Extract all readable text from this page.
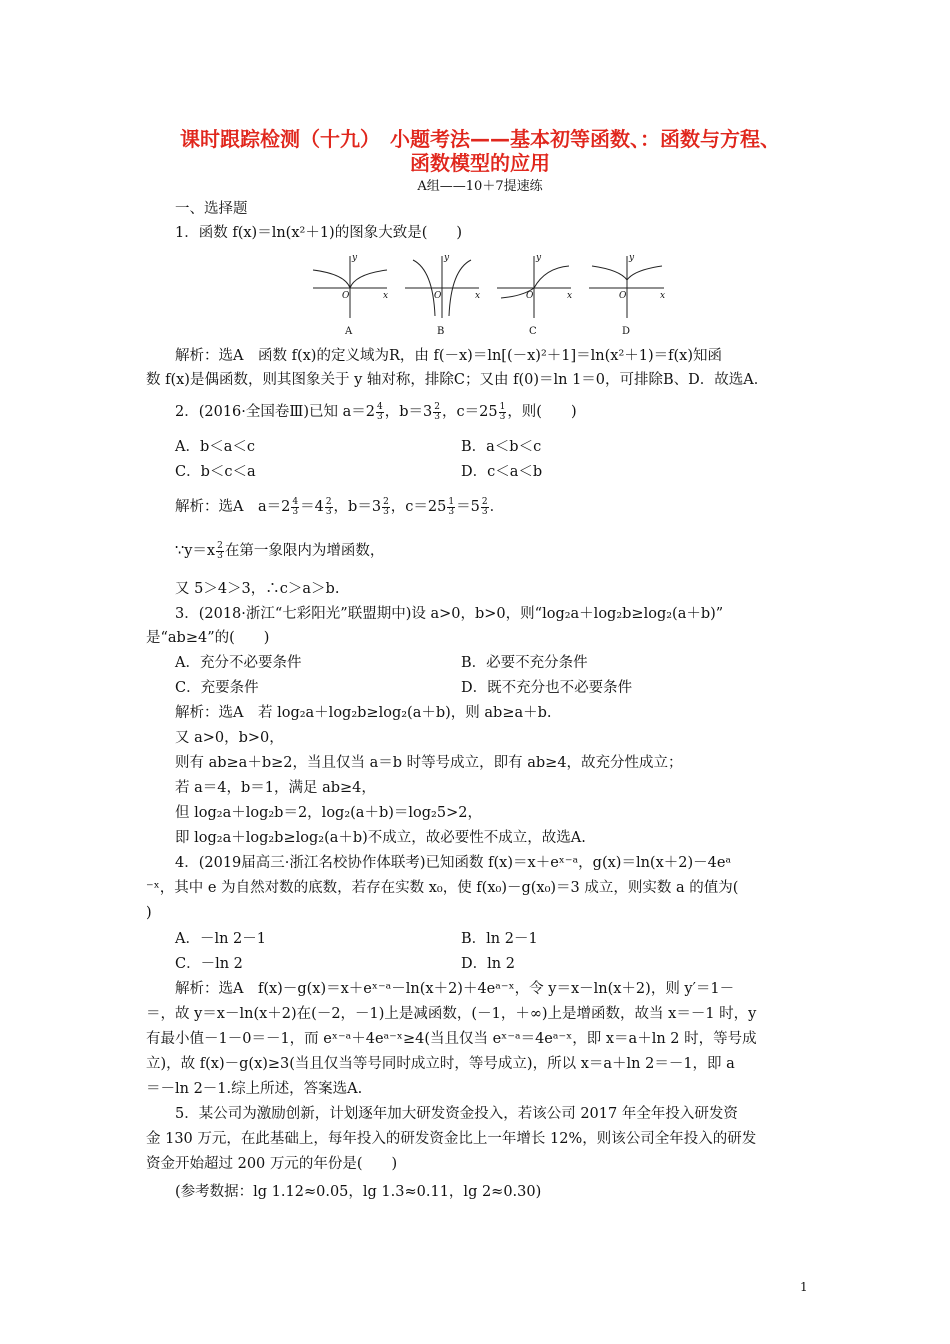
课时跟踪检测（十九）　小题考法——基本初等函数、：函数与方程、
函数模型的应用
A组——10＋7提速练
一、选择题
1．函数 f(x)＝ln(x²＋1)的图象大致是(　　)
y
x
O
y
x
O
y
x
O
A	B	C
y
x
O
D
解析：选A　函数 f(x)的定义域为R，由 f(－x)＝ln[(－x)²＋1]＝ln(x²＋1)＝f(x)知函
数 f(x)是偶函数，则其图象关于 y 轴对称，排除C；又由 f(0)＝ln 1＝0，可排除B、D．故选A．
2．(2016·全国卷Ⅲ)已知 $a=2 \frac{4}{3}$ ，$b=3 \frac{2}{3}$ ，$c=25 \frac{1}{3}$ ，则(　　)
A．b＜a＜c	B．a＜b＜c
C．b＜c＜a	D．c＜a＜b
解析：选A　$a=2 \frac{4}{3} =4 \frac{2}{3}$ ，$b=3 \frac{2}{3}$ ，$c=25 \frac{1}{3} =5 \frac{2}{3}$ ．
∵y＝x $\frac{2}{3}$ 在第一象限内为增函数，
又 5＞4＞3，∴c＞a＞b.
3．(2018·浙江“七彩阳光”联盟期中)设 a>0，b>0，则“log₂a＋log₂b≥log₂(a＋b)”
是“ab≥4”的(　　)
A．充分不必要条件	B．必要不充分条件
C．充要条件	D．既不充分也不必要条件
解析：选A　若 log₂a＋log₂b≥log₂(a＋b)，则 ab≥a＋b.
又 a>0，b>0，
则有 ab≥a＋b≥2，当且仅当 a＝b 时等号成立，即有 ab≥4，故充分性成立；
若 a＝4，b＝1，满足 ab≥4，
但 log₂a＋log₂b＝2，log₂(a＋b)＝log₂5>2，
即 log₂a＋log₂b≥log₂(a＋b)不成立，故必要性不成立，故选A.
4．(2019届高三·浙江名校协作体联考)已知函数 f(x)＝x＋eˣ⁻ᵃ，g(x)＝ln(x＋2)－4eᵃ
⁻ˣ，其中 e 为自然对数的底数，若存在实数 x₀，使 f(x₀)－g(x₀)＝3 成立，则实数 a 的值为(
)
A．－ln 2－1	B．ln 2－1
C．－ln 2	D．ln 2
解析：选A　f(x)－g(x)＝x＋eˣ⁻ᵃ－ln(x＋2)＋4eᵃ⁻ˣ，令 y＝x－ln(x＋2)，则 y′＝1－
＝，故 y＝x－ln(x＋2)在(－2，－1)上是减函数，(－1，＋∞)上是增函数，故当 x＝－1 时，y
有最小值－1－0＝－1，而 eˣ⁻ᵃ＋4eᵃ⁻ˣ≥4(当且仅当 eˣ⁻ᵃ＝4eᵃ⁻ˣ，即 x＝a＋ln 2 时，等号成
立)，故 f(x)－g(x)≥3(当且仅当等号同时成立时，等号成立)，所以 x＝a＋ln 2＝－1，即 a
＝－ln 2－1.综上所述，答案选A.
5．某公司为激励创新，计划逐年加大研发资金投入，若该公司 2017 年全年投入研发资
金 130 万元，在此基础上，每年投入的研发资金比上一年增长 12%，则该公司全年投入的研发
资金开始超过 200 万元的年份是(　　)
(参考数据：lg 1.12≈0.05，lg 1.3≈0.11，lg 2≈0.30)
1
